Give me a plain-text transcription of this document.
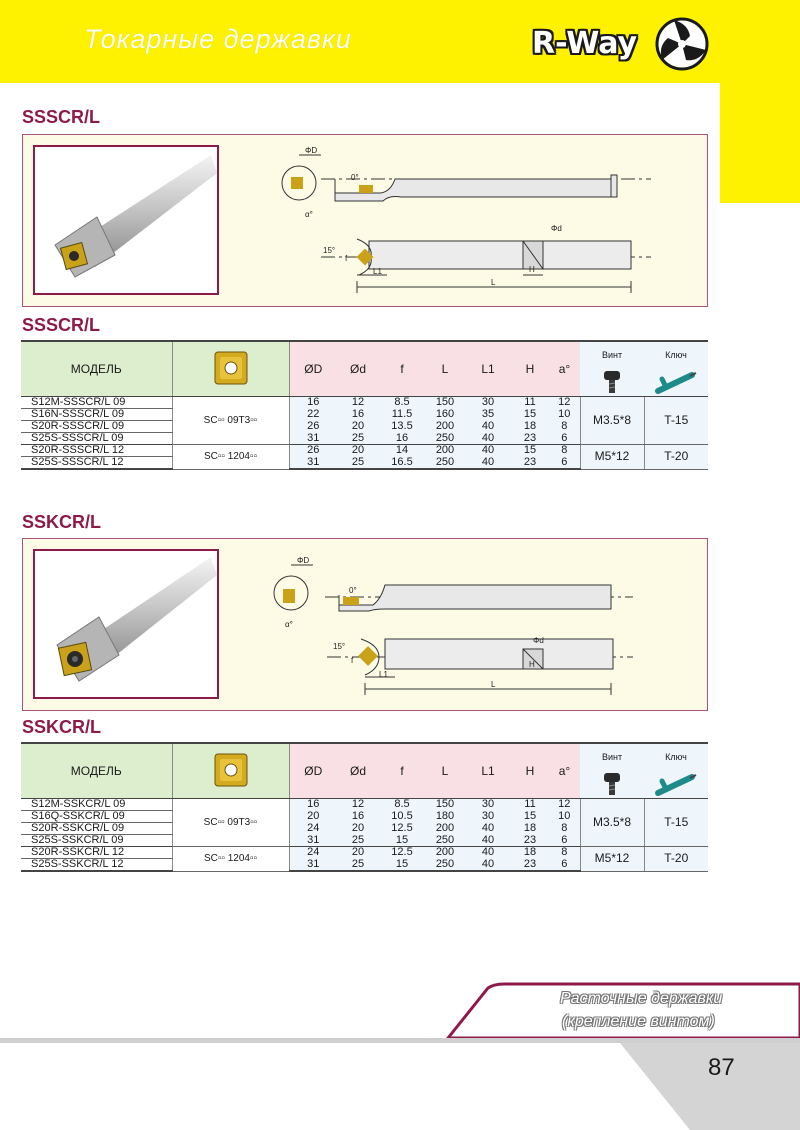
Токарные державки	R-Way
SSSCR/L
ΦD
0°
α°
Φd
15°
f
L1	H
L
SSSCR/L
МОДЕЛЬ		ØD	Ød	f	L	L1	H	a°	Винт	Ключ

S12M-SSSCR/L 09	SC▫▫ 09T3▫▫	16	12	8.5	150	30	11	12	M3.5*8	T-15
S16N-SSSCR/L 09		22	16	11.5	160	35	15	10		
S20R-SSSCR/L 09		26	20	13.5	200	40	18	8		
S25S-SSSCR/L 09		31	25	16	250	40	23	6		
S20R-SSSCR/L 12	SC▫▫ 1204▫▫	26	20	14	200	40	15	8	M5*12	T-20
S25S-SSSCR/L 12		31	25	16.5	250	40	23	6		
SSKCR/L
ΦD
0°
α°
Φd
15°
f
L1
H
L
SSKCR/L
МОДЕЛЬ		ØD	Ød	f	L	L1	H	a°	Винт	Ключ

S12M-SSKCR/L 09	SC▫▫ 09T3▫▫	16	12	8.5	150	30	11	12	M3.5*8	T-15
S16Q-SSKCR/L 09		20	16	10.5	180	30	15	10		
S20R-SSKCR/L 09		24	20	12.5	200	40	18	8		
S25S-SSKCR/L 09		31	25	15	250	40	23	6		
S20R-SSKCR/L 12	SC▫▫ 1204▫▫	24	20	12.5	200	40	18	8	M5*12	T-20
S25S-SSKCR/L 12		31	25	15	250	40	23	6		
Расточные державки
(крепление винтом)
87
